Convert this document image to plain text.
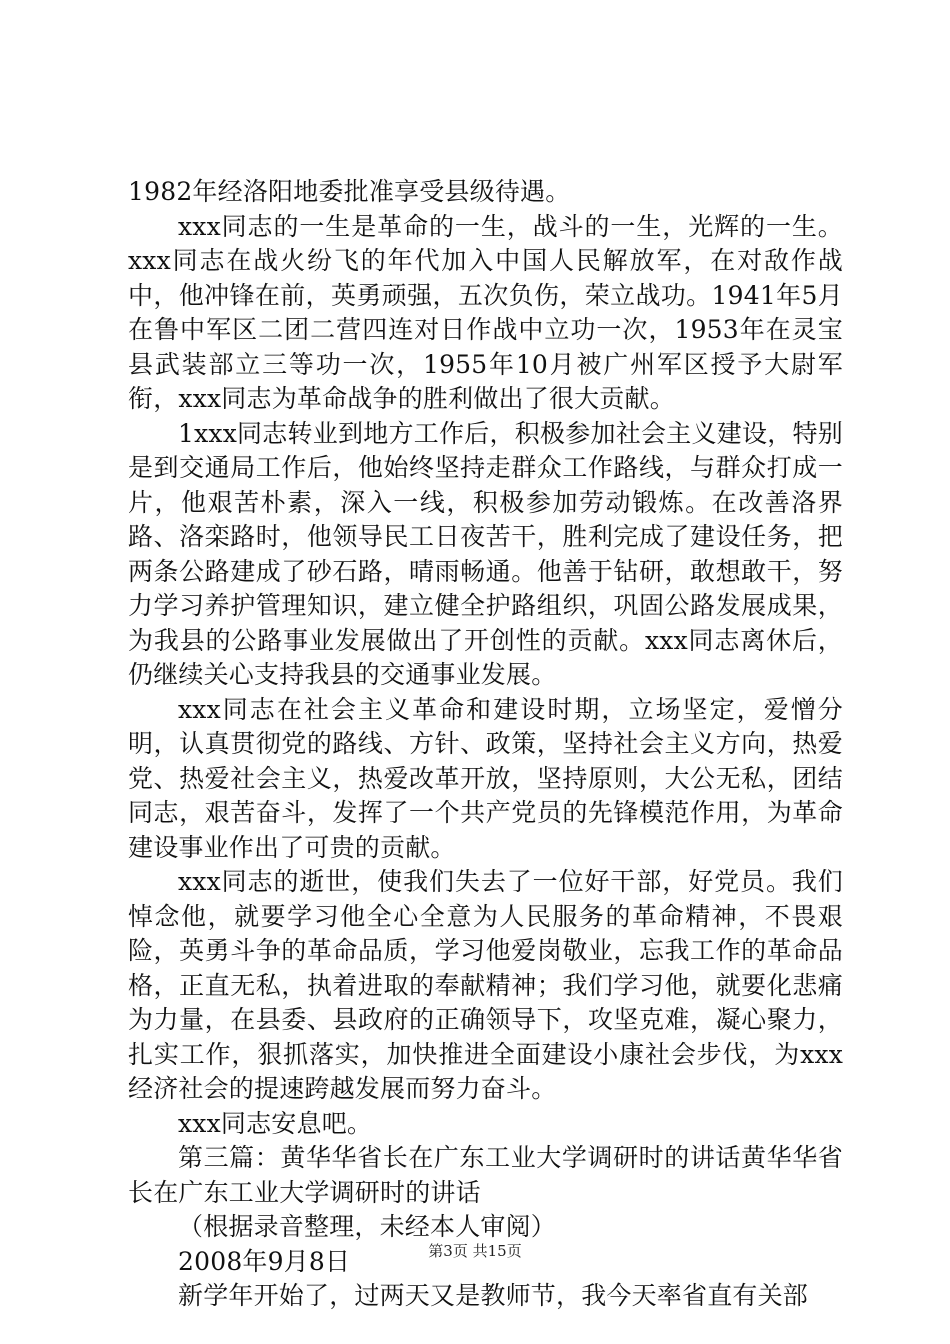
1982年经洛阳地委批准享受县级待遇。

xxx同志的一生是革命的一生，战斗的一生，光辉的一生。xxx同志在战火纷飞的年代加入中国人民解放军，在对敌作战中，他冲锋在前，英勇顽强，五次负伤，荣立战功。1941年5月在鲁中军区二团二营四连对日作战中立功一次，1953年在灵宝县武装部立三等功一次，1955年10月被广州军区授予大尉军衔，xxx同志为革命战争的胜利做出了很大贡献。

1xxx同志转业到地方工作后，积极参加社会主义建设，特别是到交通局工作后，他始终坚持走群众工作路线，与群众打成一片，他艰苦朴素，深入一线，积极参加劳动锻炼。在改善洛界路、洛栾路时，他领导民工日夜苦干，胜利完成了建设任务，把两条公路建成了砂石路，晴雨畅通。他善于钻研，敢想敢干，努力学习养护管理知识，建立健全护路组织，巩固公路发展成果，为我县的公路事业发展做出了开创性的贡献。xxx同志离休后，仍继续关心支持我县的交通事业发展。

xxx同志在社会主义革命和建设时期，立场坚定，爱憎分明，认真贯彻党的路线、方针、政策，坚持社会主义方向，热爱党、热爱社会主义，热爱改革开放，坚持原则，大公无私，团结同志，艰苦奋斗，发挥了一个共产党员的先锋模范作用，为革命建设事业作出了可贵的贡献。

xxx同志的逝世，使我们失去了一位好干部，好党员。我们悼念他，就要学习他全心全意为人民服务的革命精神，不畏艰险，英勇斗争的革命品质，学习他爱岗敬业，忘我工作的革命品格，正直无私，执着进取的奉献精神；我们学习他，就要化悲痛为力量，在县委、县政府的正确领导下，攻坚克难，凝心聚力，扎实工作，狠抓落实，加快推进全面建设小康社会步伐，为xxx经济社会的提速跨越发展而努力奋斗。

xxx同志安息吧。

第三篇：黄华华省长在广东工业大学调研时的讲话黄华华省长在广东工业大学调研时的讲话

（根据录音整理，未经本人审阅）

2008年9月8日

新学年开始了，过两天又是教师节，我今天率省直有关部

第3页 共15页
